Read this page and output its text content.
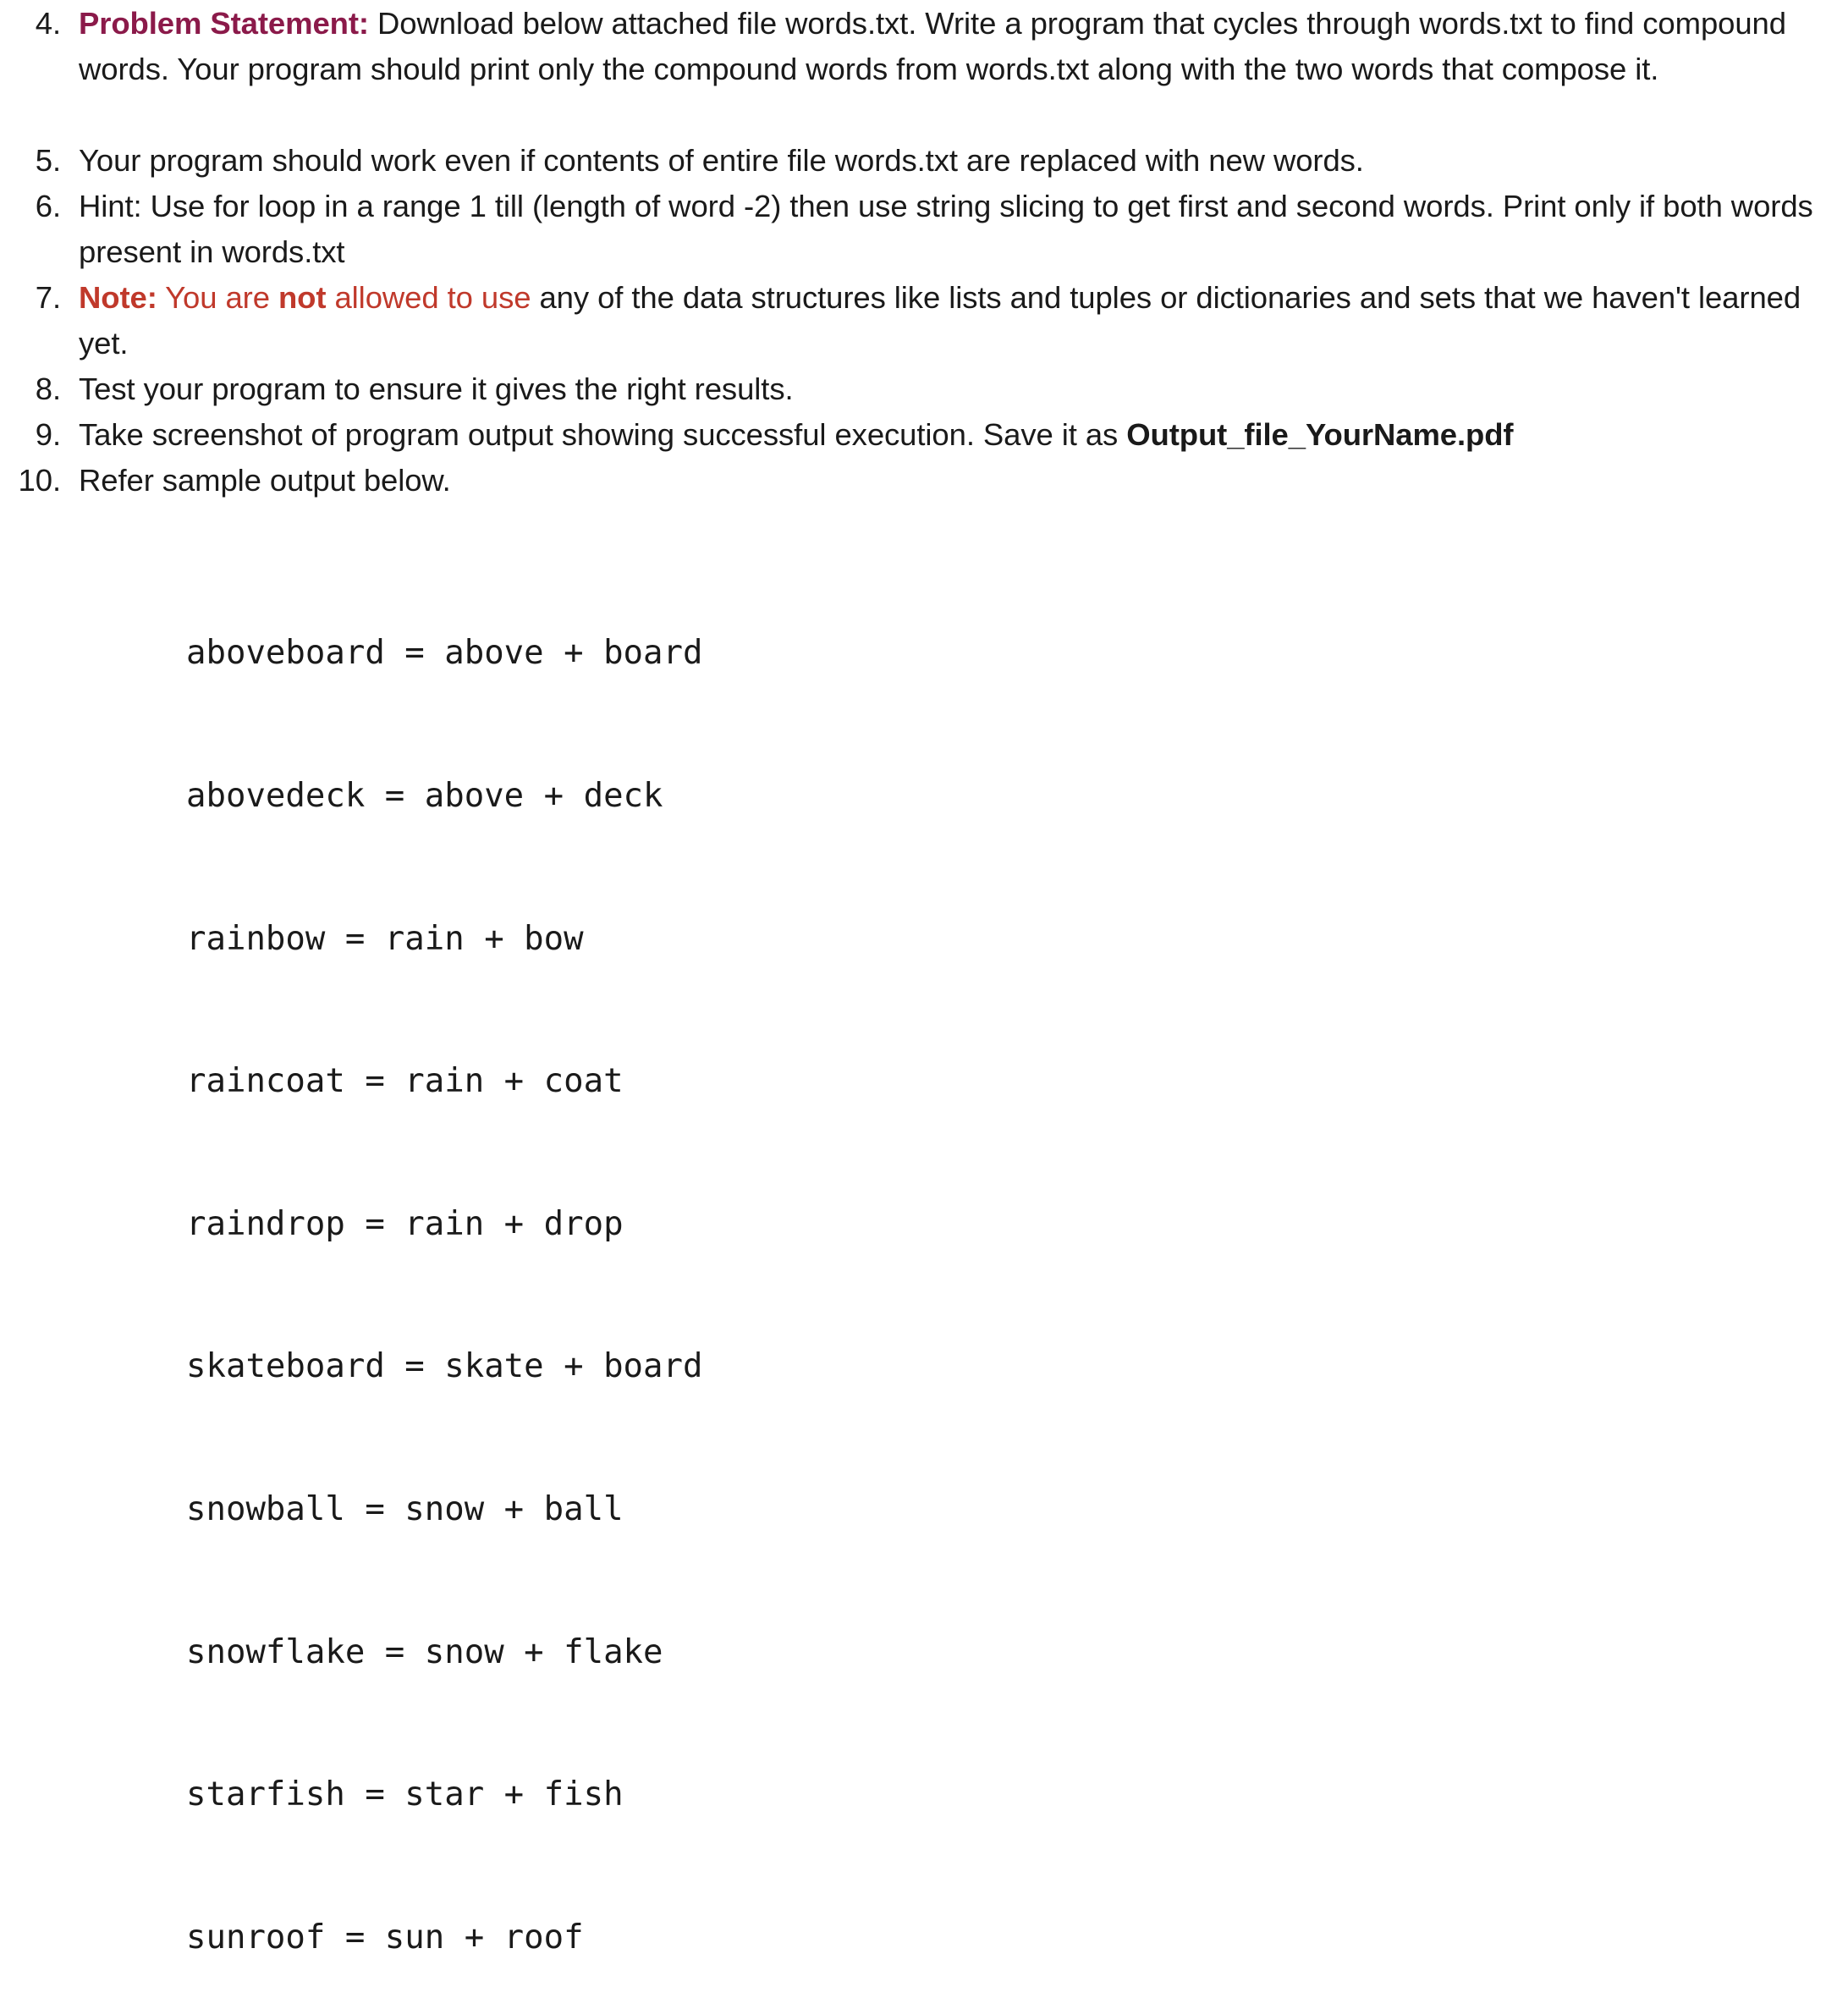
4. Problem Statement: Download below attached file words.txt. Write a program that cycles through words.txt to find compound words. Your program should print only the compound words from words.txt along with the two words that compose it.
5. Your program should work even if contents of entire file words.txt are replaced with new words.
6. Hint: Use for loop in a range 1 till (length of word -2) then use string slicing to get first and second words. Print only if both words present in words.txt
7. Note: You are not allowed to use any of the data structures like lists and tuples or dictionaries and sets that we haven't learned yet.
8. Test your program to ensure it gives the right results.
9. Take screenshot of program output showing successful execution. Save it as Output_file_YourName.pdf
10. Refer sample output below.

aboveboard = above + board

abovedeck = above + deck

rainbow = rain + bow

raincoat = rain + coat

raindrop = rain + drop

skateboard = skate + board

snowball = snow + ball

snowflake = snow + flake

starfish = star + fish

sunroof = sun + roof
